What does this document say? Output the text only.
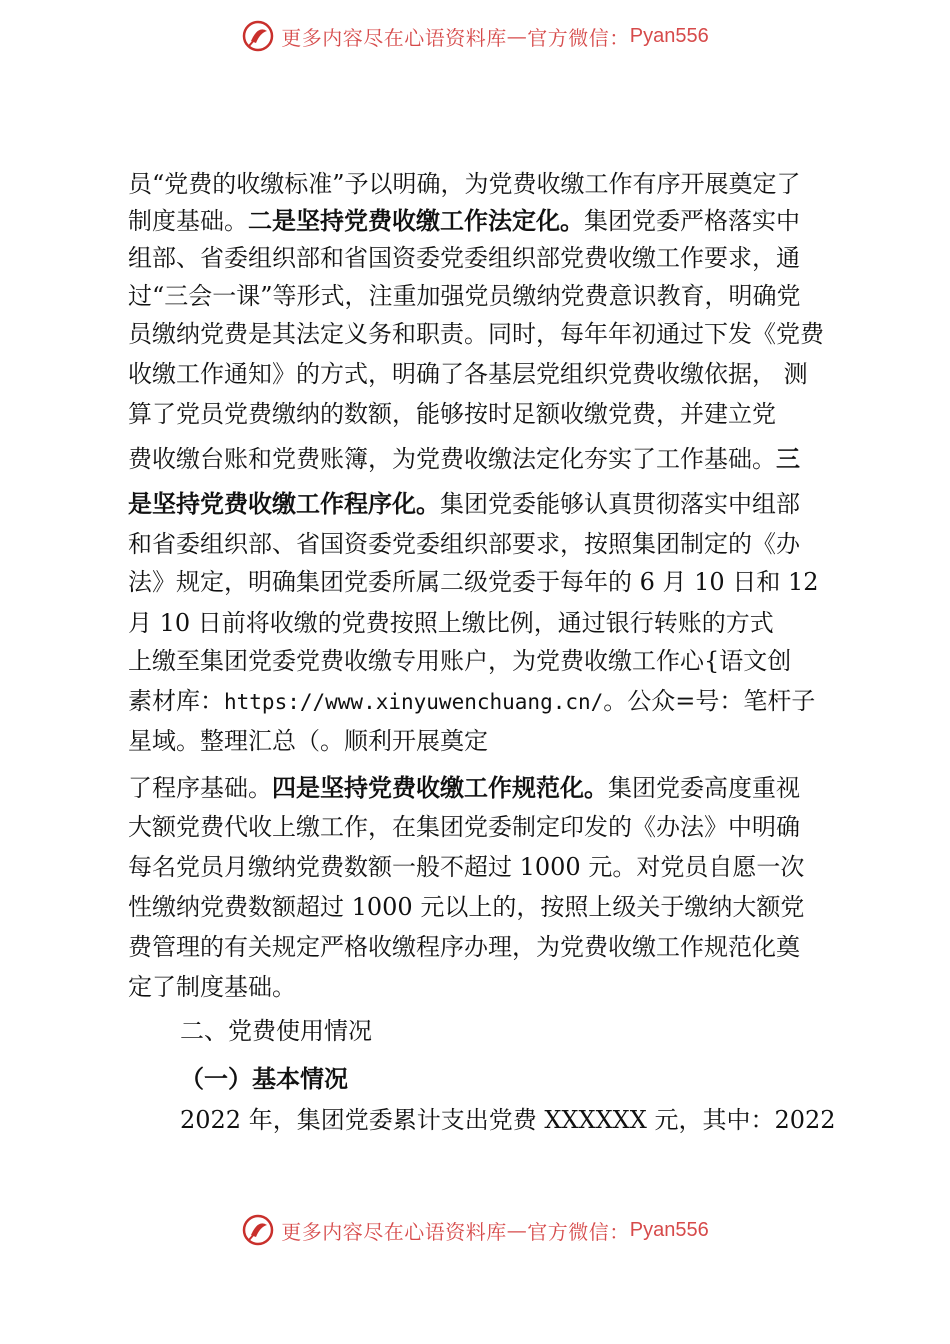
更多内容尽在心语资料库 — 官方微信： Pyan556
员“党费的收缴标准”予以明确，为党费收缴工作有序开展奠定了
制度基础。二是坚持党费收缴工作法定化。集团党委严格落实中
组部、省委组织部和省国资委党委组织部党费收缴工作要求，通
过“三会一课”等形式，注重加强党员缴纳党费意识教育，明确党
员缴纳党费是其法定义务和职责。同时，每年年初通过下发《党费
收缴工作通知》的方式，明确了各基层党组织党费收缴依据， 测
算了党员党费缴纳的数额，能够按时足额收缴党费，并建立党
费收缴台账和党费账簿，为党费收缴法定化夯实了工作基础。三
是坚持党费收缴工作程序化。集团党委能够认真贯彻落实中组部
和省委组织部、省国资委党委组织部要求，按照集团制定的《办
法》规定，明确集团党委所属二级党委于每年的 6 月 10 日和 12
月 10 日前将收缴的党费按照上缴比例，通过银行转账的方式
上缴至集团党委党费收缴专用账户，为党费收缴工作心{语文创
素材库：https://www.xinyuwenchuang.cn/。公众=号：笔杆子
星域。整理汇总（。顺利开展奠定
了程序基础。四是坚持党费收缴工作规范化。集团党委高度重视
大额党费代收上缴工作，在集团党委制定印发的《办法》中明确
每名党员月缴纳党费数额一般不超过 1000 元。对党员自愿一次
性缴纳党费数额超过 1000 元以上的，按照上级关于缴纳大额党
费管理的有关规定严格收缴程序办理，为党费收缴工作规范化奠
定了制度基础。
二、党费使用情况
（一）基本情况
2022 年，集团党委累计支出党费 XXXXXX 元，其中：2022
更多内容尽在心语资料库 — 官方微信： Pyan556
